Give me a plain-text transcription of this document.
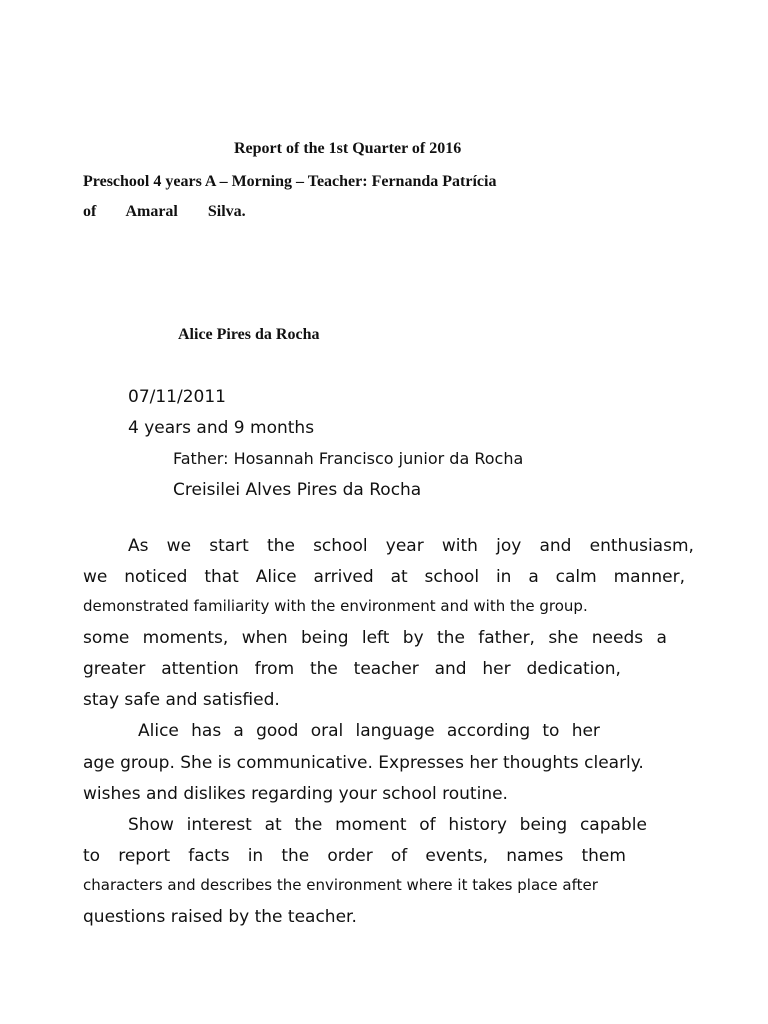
Report of the 1st Quarter of 2016
Preschool 4 years A – Morning – Teacher: Fernanda Patrícia
of Amaral Silva.
Alice Pires da Rocha
07/11/2011
4 years and 9 months
Father: Hosannah Francisco junior da Rocha
Creisilei Alves Pires da Rocha
As we start the school year with joy and enthusiasm,
we noticed that Alice arrived at school in a calm manner,
demonstrated familiarity with the environment and with the group.
some moments, when being left by the father, she needs a
greater attention from the teacher and her dedication,
stay safe and satisfied.
Alice has a good oral language according to her
age group. She is communicative. Expresses her thoughts clearly.
wishes and dislikes regarding your school routine.
Show interest at the moment of history being capable
to report facts in the order of events, names them
characters and describes the environment where it takes place after
questions raised by the teacher.
